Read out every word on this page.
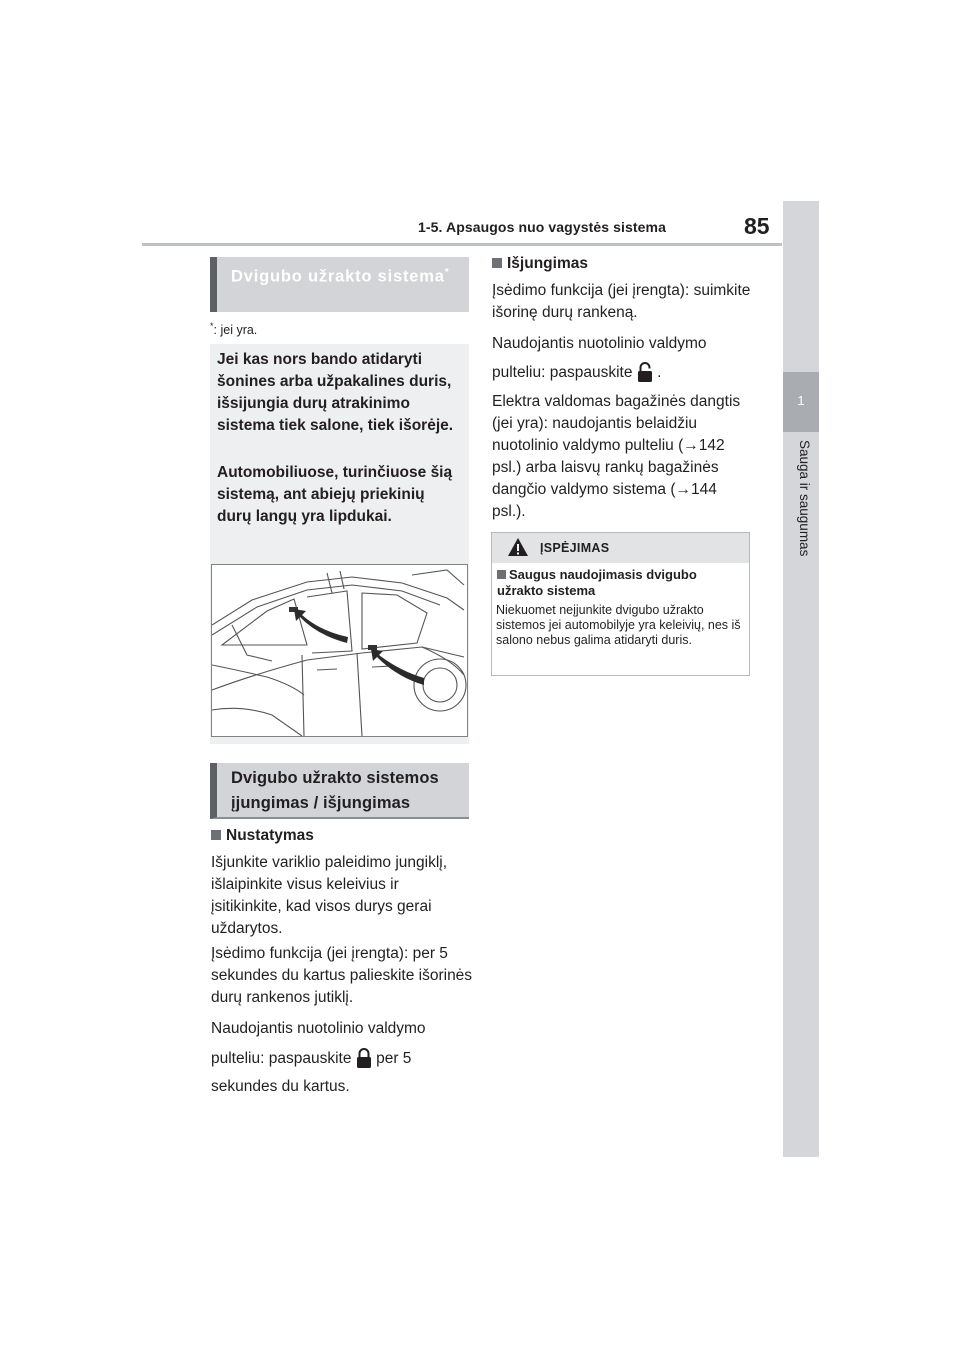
1-5. Apsaugos nuo vagystės sistema	85
1
Sauga ir saugumas
Dvigubo užrakto sistema*
*: jei yra.
Jei kas nors bando atidaryti šonines arba užpakalines duris, išsijungia durų atrakinimo sistema tiek salone, tiek išorėje.
Automobiliuose, turinčiuose šią sistemą, ant abiejų priekinių durų langų yra lipdukai.
Dvigubo užrakto sistemos įjungimas / išjungimas
Nustatymas
Išjunkite variklio paleidimo jungiklį, išlaipinkite visus keleivius ir įsitikinkite, kad visos durys gerai uždarytos.
Įsėdimo funkcija (jei įrengta): per 5 sekundes du kartus palieskite išorinės durų rankenos jutiklį.
Naudojantis nuotolinio valdymo
pulteliu: paspauskite per 5
sekundes du kartus.
Išjungimas
Įsėdimo funkcija (jei įrengta): suimkite išorinę durų rankeną.
Naudojantis nuotolinio valdymo
pulteliu: paspauskite .
Elektra valdomas bagažinės dangtis (jei yra): naudojantis belaidžiu nuotolinio valdymo pulteliu (→142 psl.) arba laisvų rankų bagažinės dangčio valdymo sistema (→144 psl.).
ĮSPĖJIMAS
Saugus naudojimasis dvigubo užrakto sistema
Niekuomet neįjunkite dvigubo užrakto sistemos jei automobilyje yra keleivių, nes iš salono nebus galima atidaryti duris.
